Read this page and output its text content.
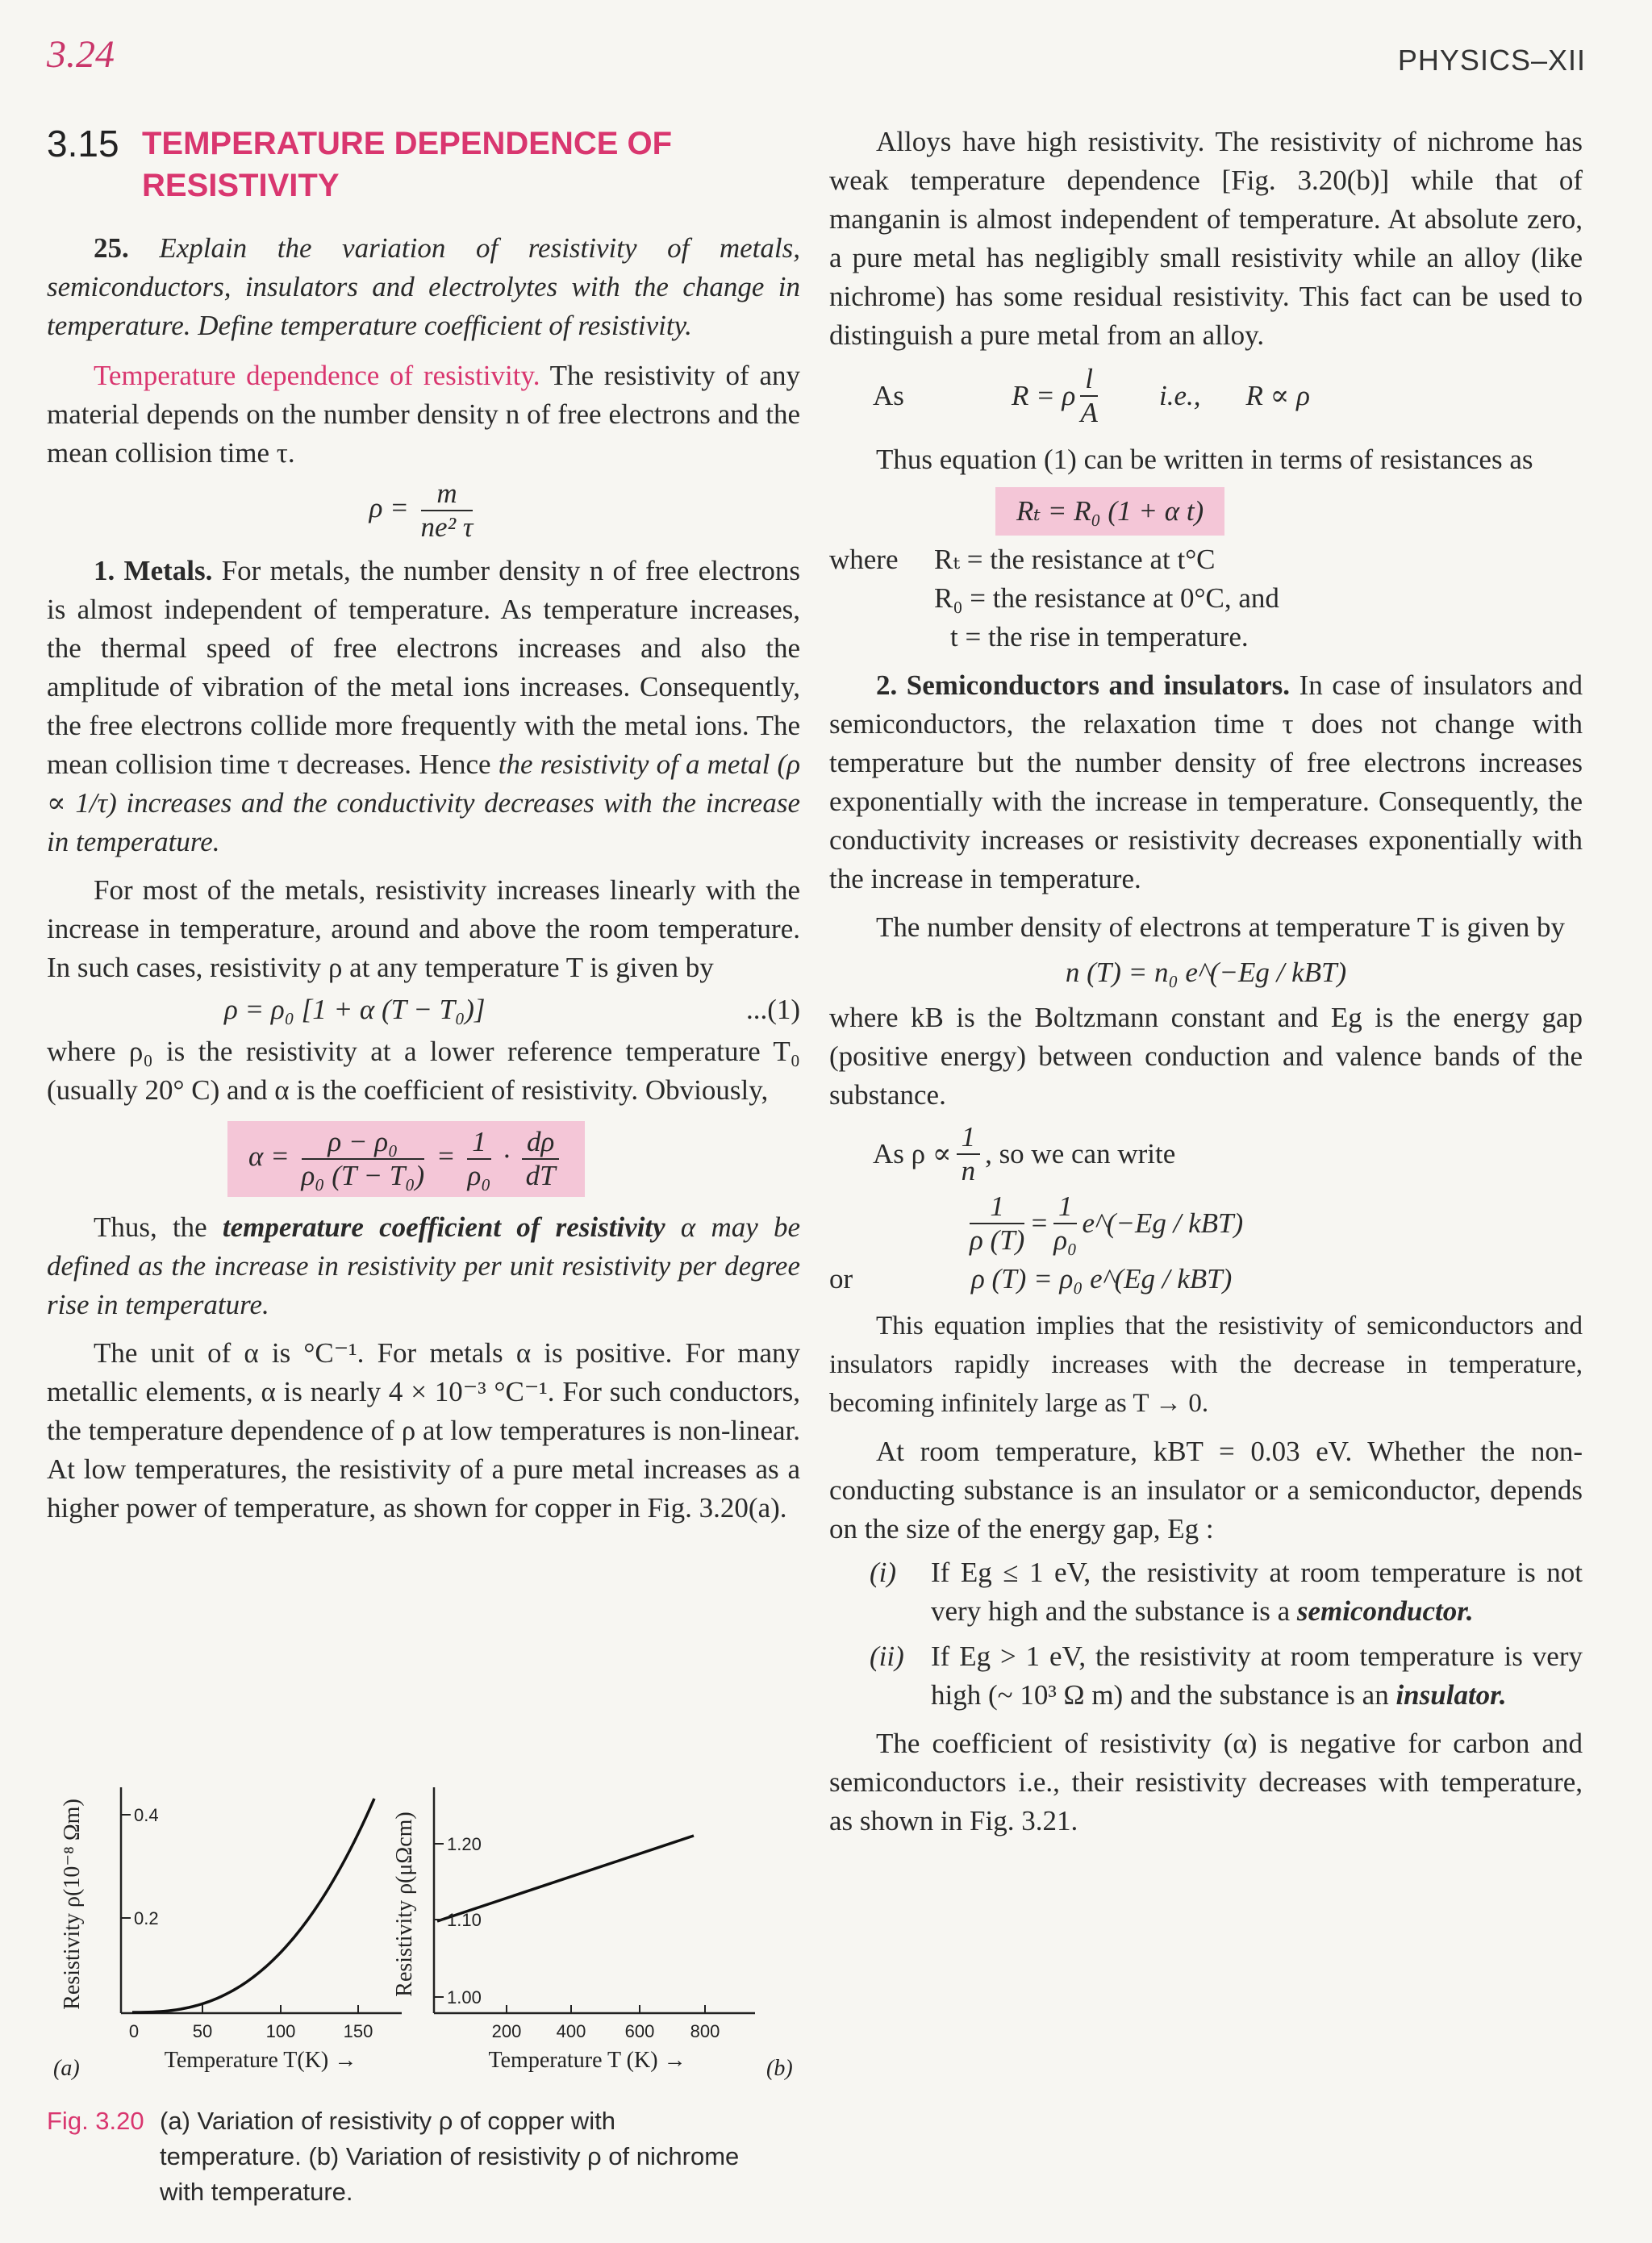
3.24	PHYSICS–XII
3.15 TEMPERATURE DEPENDENCE OF RESISTIVITY

25. Explain the variation of resistivity of metals, semiconductors, insulators and electrolytes with the change in temperature. Define temperature coefficient of resistivity.

Temperature dependence of resistivity. The resistivity of any material depends on the number density n of free electrons and the mean collision time τ.

$\rho = \frac{m}{\text{ne² τ}}$

1. Metals. For metals, the number density n of free electrons is almost independent of temperature. As temperature increases, the thermal speed of free electrons increases and also the amplitude of vibration of the metal ions increases. Consequently, the free electrons collide more frequently with the metal ions. The mean collision time τ decreases. Hence the resistivity of a metal (ρ ∝ 1/τ) increases and the conductivity decreases with the increase in temperature.

For most of the metals, resistivity increases linearly with the increase in temperature, around and above the room temperature. In such cases, resistivity ρ at any temperature T is given by

ρ = ρ₀ [1 + α (T − T₀)]	...(1)

where ρ₀ is the resistivity at a lower reference temperature T₀ (usually 20° C) and α is the coefficient of resistivity. Obviously,

$\alpha = \frac{\text{ρ − ρ₀}}{\text{ρ₀ (T − T₀)}} = \frac{1}{\text{ρ₀}} \cdot \frac{d\rho}{dT}$

Thus, the temperature coefficient of resistivity α may be defined as the increase in resistivity per unit resistivity per degree rise in temperature.

The unit of α is °C⁻¹. For metals α is positive. For many metallic elements, α is nearly 4 × 10⁻³ °C⁻¹. For such conductors, the temperature dependence of ρ at low temperatures is non-linear. At low temperatures, the resistivity of a pure metal increases as a higher power of temperature, as shown for copper in Fig. 3.20(a).

0.2
0.4
0	50	100	150
Resistivity ρ(10⁻⁸ Ωm)
Temperature T(K) →
(a)
1.00
1.10
1.20
200 400 600 800
Resistivity ρ(μΩcm)
Temperature T (K) →	(b)
Fig. 3.20 (a) Variation of resistivity ρ of copper with temperature. (b) Variation of resistivity ρ of nichrome with temperature.

Alloys have high resistivity. The resistivity of nichrome has weak temperature dependence [Fig. 3.20(b)] while that of manganin is almost independent of temperature. At absolute zero, a pure metal has negligibly small resistivity while an alloy (like nichrome) has some residual resistivity. This fact can be used to distinguish a pure metal from an alloy.

As	R = ρ $\frac{l}{A} i.e$., R ∝ ρ

Thus equation (1) can be written in terms of resistances as

Rₜ = R₀ (1 + α t)
where	Rₜ = the resistance at t°C
R₀ = the resistance at 0°C, and
t = the rise in temperature.

2. Semiconductors and insulators. In case of insulators and semiconductors, the relaxation time τ does not change with temperature but the number density of free electrons increases exponentially with the increase in temperature. Consequently, the conductivity increases or resistivity decreases exponentially with the increase in temperature.

The number density of electrons at temperature T is given by

n (T) = n₀ e^(−Eg / kBT)

where kB is the Boltzmann constant and Eg is the energy gap (positive energy) between conduction and valence bands of the substance.

As $\rho \propto \frac{1}{n}$ , so we can write
$\frac{1}{\rho (T)} = \frac{1}{\text{ρ₀}}$ e^(−Eg / kBT)
or	ρ (T) = ρ₀ e^(Eg / kBT)

This equation implies that the resistivity of semiconductors and insulators rapidly increases with the decrease in temperature, becoming infinitely large as T → 0.

At room temperature, kBT = 0.03 eV. Whether the non-conducting substance is an insulator or a semiconductor, depends on the size of the energy gap, Eg :

(i)	If Eg ≤ 1 eV, the resistivity at room temperature is not very high and the substance is a semiconductor.
(ii) If Eg > 1 eV, the resistivity at room temperature is very high (~ 10³ Ω m) and the substance is an insulator.

The coefficient of resistivity (α) is negative for carbon and semiconductors i.e., their resistivity decreases with temperature, as shown in Fig. 3.21.
